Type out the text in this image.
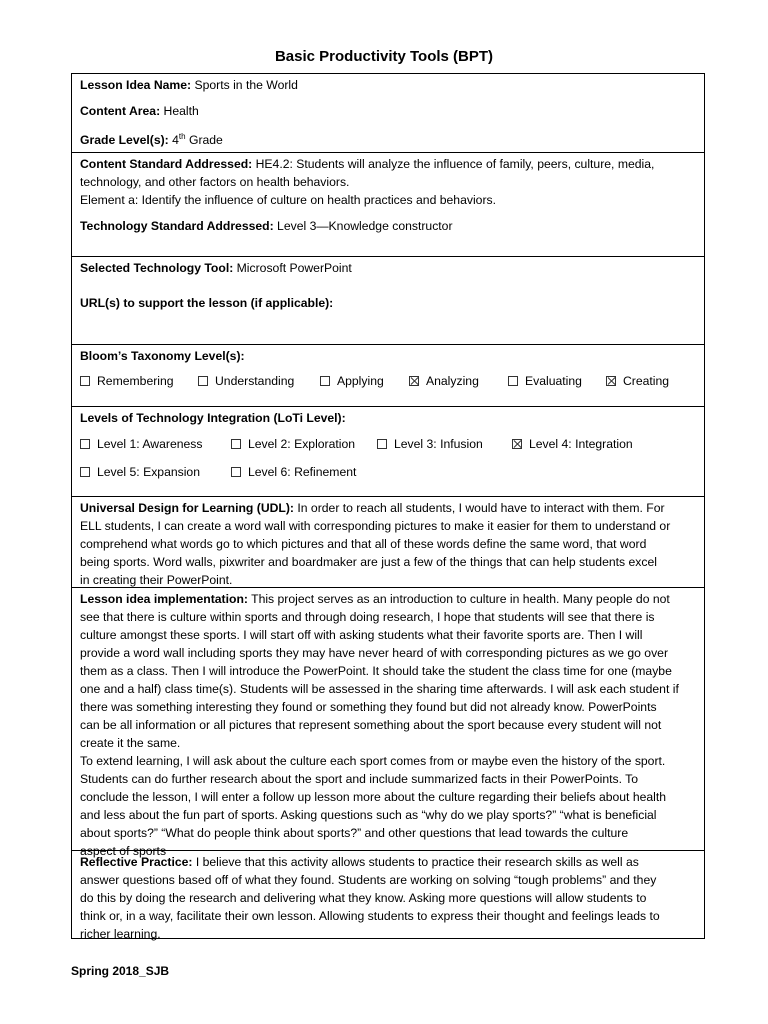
Basic Productivity Tools (BPT)

Lesson Idea Name: Sports in the World

Content Area: Health

Grade Level(s): 4th Grade

Content Standard Addressed: HE4.2: Students will analyze the influence of family, peers, culture, media,

technology, and other factors on health behaviors.

Element a: Identify the influence of culture on health practices and behaviors.

Technology Standard Addressed: Level 3—Knowledge constructor

Selected Technology Tool: Microsoft PowerPoint

URL(s) to support the lesson (if applicable):

Bloom’s Taxonomy Level(s):

Remembering	Understanding	Applying	Analyzing	Evaluating	Creating

Levels of Technology Integration (LoTi Level):

Level 1: Awareness	Level 2: Exploration	Level 3: Infusion	Level 4: Integration
Level 5: Expansion	Level 6: Refinement

Universal Design for Learning (UDL): In order to reach all students, I would have to interact with them. For

ELL students, I can create a word wall with corresponding pictures to make it easier for them to understand or

comprehend what words go to which pictures and that all of these words define the same word, that word

being sports. Word walls, pixwriter and boardmaker are just a few of the things that can help students excel

in creating their PowerPoint.

Lesson idea implementation: This project serves as an introduction to culture in health. Many people do not

see that there is culture within sports and through doing research, I hope that students will see that there is

culture amongst these sports. I will start off with asking students what their favorite sports are. Then I will

provide a word wall including sports they may have never heard of with corresponding pictures as we go over

them as a class. Then I will introduce the PowerPoint. It should take the student the class time for one (maybe

one and a half) class time(s). Students will be assessed in the sharing time afterwards. I will ask each student if

there was something interesting they found or something they found but did not already know. PowerPoints

can be all information or all pictures that represent something about the sport because every student will not

create it the same.

To extend learning, I will ask about the culture each sport comes from or maybe even the history of the sport.

Students can do further research about the sport and include summarized facts in their PowerPoints. To

conclude the lesson, I will enter a follow up lesson more about the culture regarding their beliefs about health

and less about the fun part of sports. Asking questions such as “why do we play sports?” “what is beneficial

about sports?” “What do people think about sports?” and other questions that lead towards the culture

aspect of sports

Reflective Practice: I believe that this activity allows students to practice their research skills as well as

answer questions based off of what they found. Students are working on solving “tough problems” and they

do this by doing the research and delivering what they know. Asking more questions will allow students to

think or, in a way, facilitate their own lesson. Allowing students to express their thought and feelings leads to

richer learning.

Spring 2018_SJB
